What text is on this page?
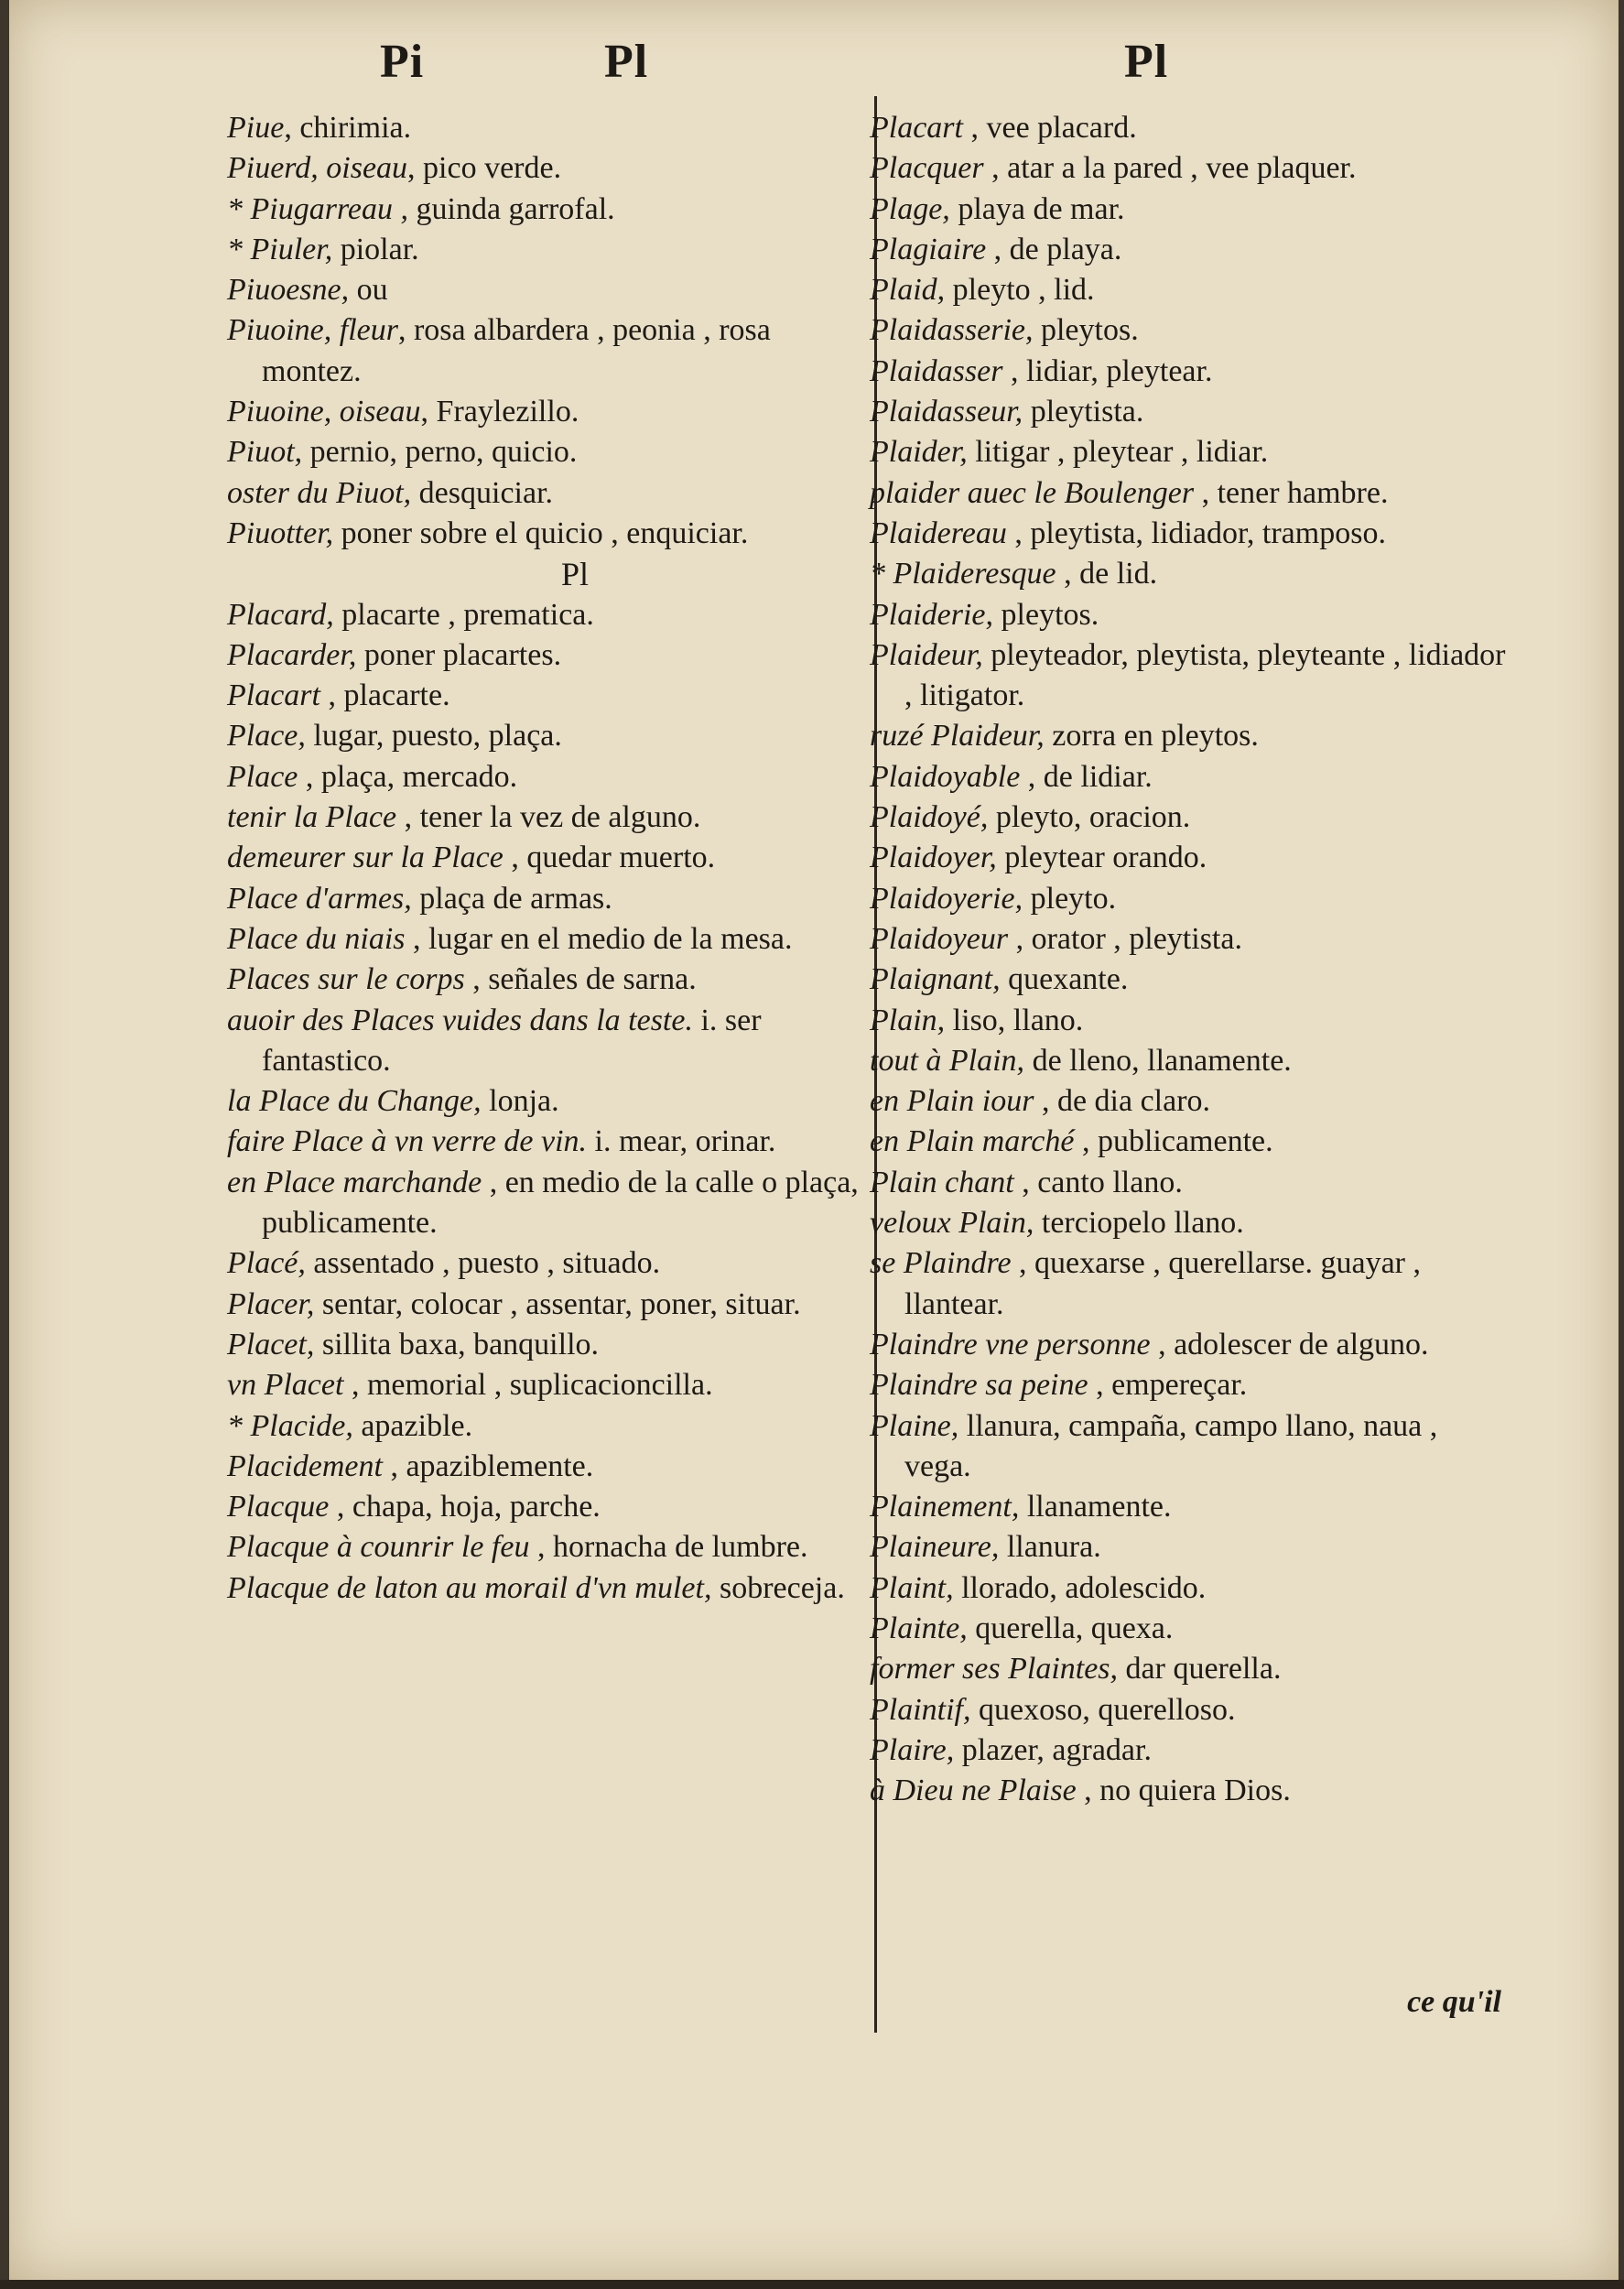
Pi	Pl	Pl
Piue, chirimia.
Piuerd, oiseau, pico verde.
* Piugarreau , guinda garrofal.
* Piuler, piolar.
Piuoesne, ou
Piuoine, fleur, rosa albardera , peonia , rosa montez.
Piuoine, oiseau, Fraylezillo.
Piuot, pernio, perno, quicio.
oster du Piuot, desquiciar.
Piuotter, poner sobre el quicio , enquiciar.
Pl
Placard, placarte , prematica.
Placarder, poner placartes.
Placart , placarte.
Place, lugar, puesto, plaça.
Place , plaça, mercado.
tenir la Place , tener la vez de alguno.
demeurer sur la Place , quedar muerto.
Place d'armes, plaça de armas.
Place du niais , lugar en el medio de la mesa.
Places sur le corps , señales de sarna.
auoir des Places vuides dans la teste. i. ser fantastico.
la Place du Change, lonja.
faire Place à vn verre de vin. i. mear, orinar.
en Place marchande , en medio de la calle o plaça, publicamente.
Placé, assentado , puesto , situado.
Placer, sentar, colocar , assentar, poner, situar.
Placet, sillita baxa, banquillo.
vn Placet , memorial , suplicacioncilla.
* Placide, apazible.
Placidement , apaziblemente.
Placque , chapa, hoja, parche.
Placque à counrir le feu , hornacha de lumbre.
Placque de laton au morail d'vn mulet, sobreceja.
Placart , vee placard.
Placquer , atar a la pared , vee plaquer.
Plage, playa de mar.
Plagiaire , de playa.
Plaid, pleyto , lid.
Plaidasserie, pleytos.
Plaidasser , lidiar, pleytear.
Plaidasseur, pleytista.
Plaider, litigar , pleytear , lidiar.
plaider auec le Boulenger , tener hambre.
Plaidereau , pleytista, lidiador, tramposo.
* Plaideresque , de lid.
Plaiderie, pleytos.
Plaideur, pleyteador, pleytista, pleyteante , lidiador , litigator.
ruzé Plaideur, zorra en pleytos.
Plaidoyable , de lidiar.
Plaidoyé, pleyto, oracion.
Plaidoyer, pleytear orando.
Plaidoyerie, pleyto.
Plaidoyeur , orator , pleytista.
Plaignant, quexante.
Plain, liso, llano.
tout à Plain, de lleno, llanamente.
en Plain iour , de dia claro.
en Plain marché , publicamente.
Plain chant , canto llano.
veloux Plain, terciopelo llano.
se Plaindre , quexarse , querellarse. guayar , llantear.
Plaindre vne personne , adolescer de alguno.
Plaindre sa peine , empereçar.
Plaine, llanura, campaña, campo llano, naua , vega.
Plainement, llanamente.
Plaineure, llanura.
Plaint, llorado, adolescido.
Plainte, querella, quexa.
former ses Plaintes, dar querella.
Plaintif, quexoso, querelloso.
Plaire, plazer, agradar.
à Dieu ne Plaise , no quiera Dios.
ce qu'il
